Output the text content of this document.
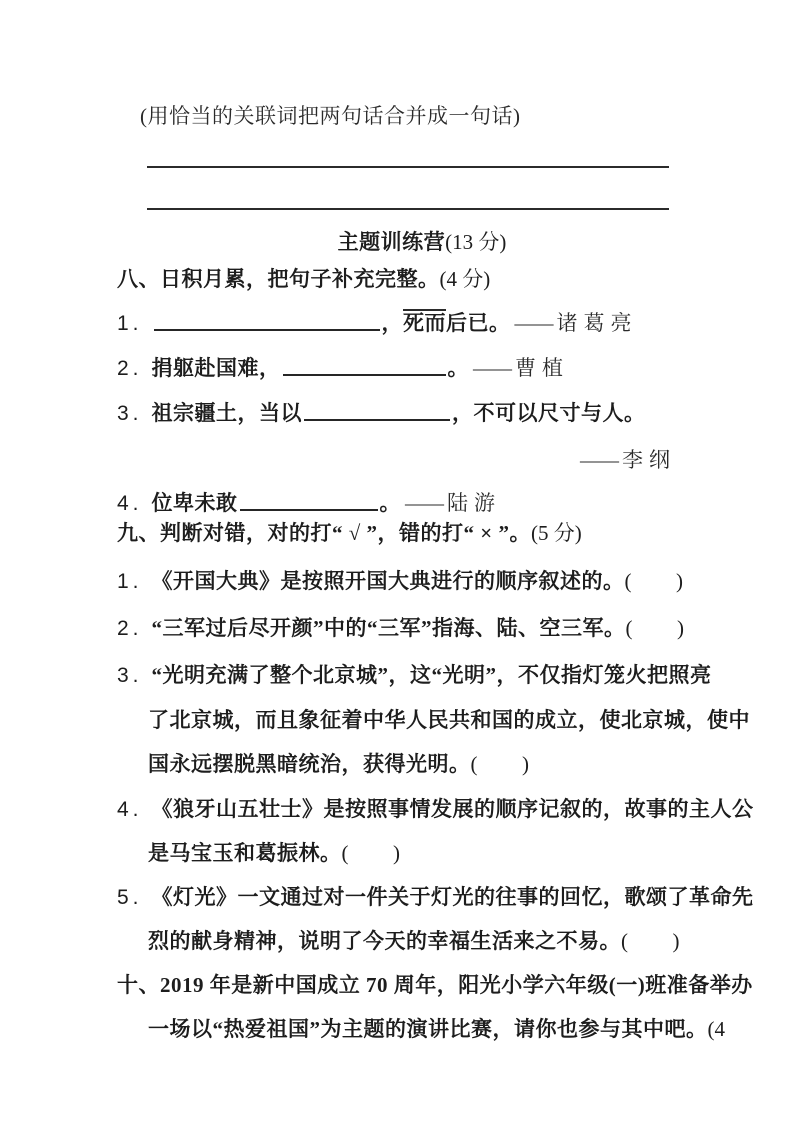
(用恰当的关联词把两句话合并成一句话)
主题训练营(13 分)
八、日积月累，把句子补充完整。(4 分)
1.	，死而后已。 —— 诸葛亮
2. 捐躯赴国难，	。 —— 曹植
3. 祖宗疆土，当以	，不可以尺寸与人。
—— 李纲
4. 位卑未敢	。 —— 陆游
九、判断对错，对的打“ √ ”，错的打“ × ”。(5 分)
1. 《开国大典》是按照开国大典进行的顺序叙述的。( )
2. “三军过后尽开颜”中的“三军”指海、陆、空三军。( )
3. “光明充满了整个北京城”，这“光明”，不仅指灯笼火把照亮
了北京城，而且象征着中华人民共和国的成立，使北京城，使中
国永远摆脱黑暗统治，获得光明。( )
4. 《狼牙山五壮士》是按照事情发展的顺序记叙的，故事的主人公
是马宝玉和葛振林。( )
5. 《灯光》一文通过对一件关于灯光的往事的回忆，歌颂了革命先
烈的献身精神，说明了今天的幸福生活来之不易。( )
十、2019 年是新中国成立 70 周年，阳光小学六年级(一)班准备举办
一场以“热爱祖国”为主题的演讲比赛，请你也参与其中吧。(4
